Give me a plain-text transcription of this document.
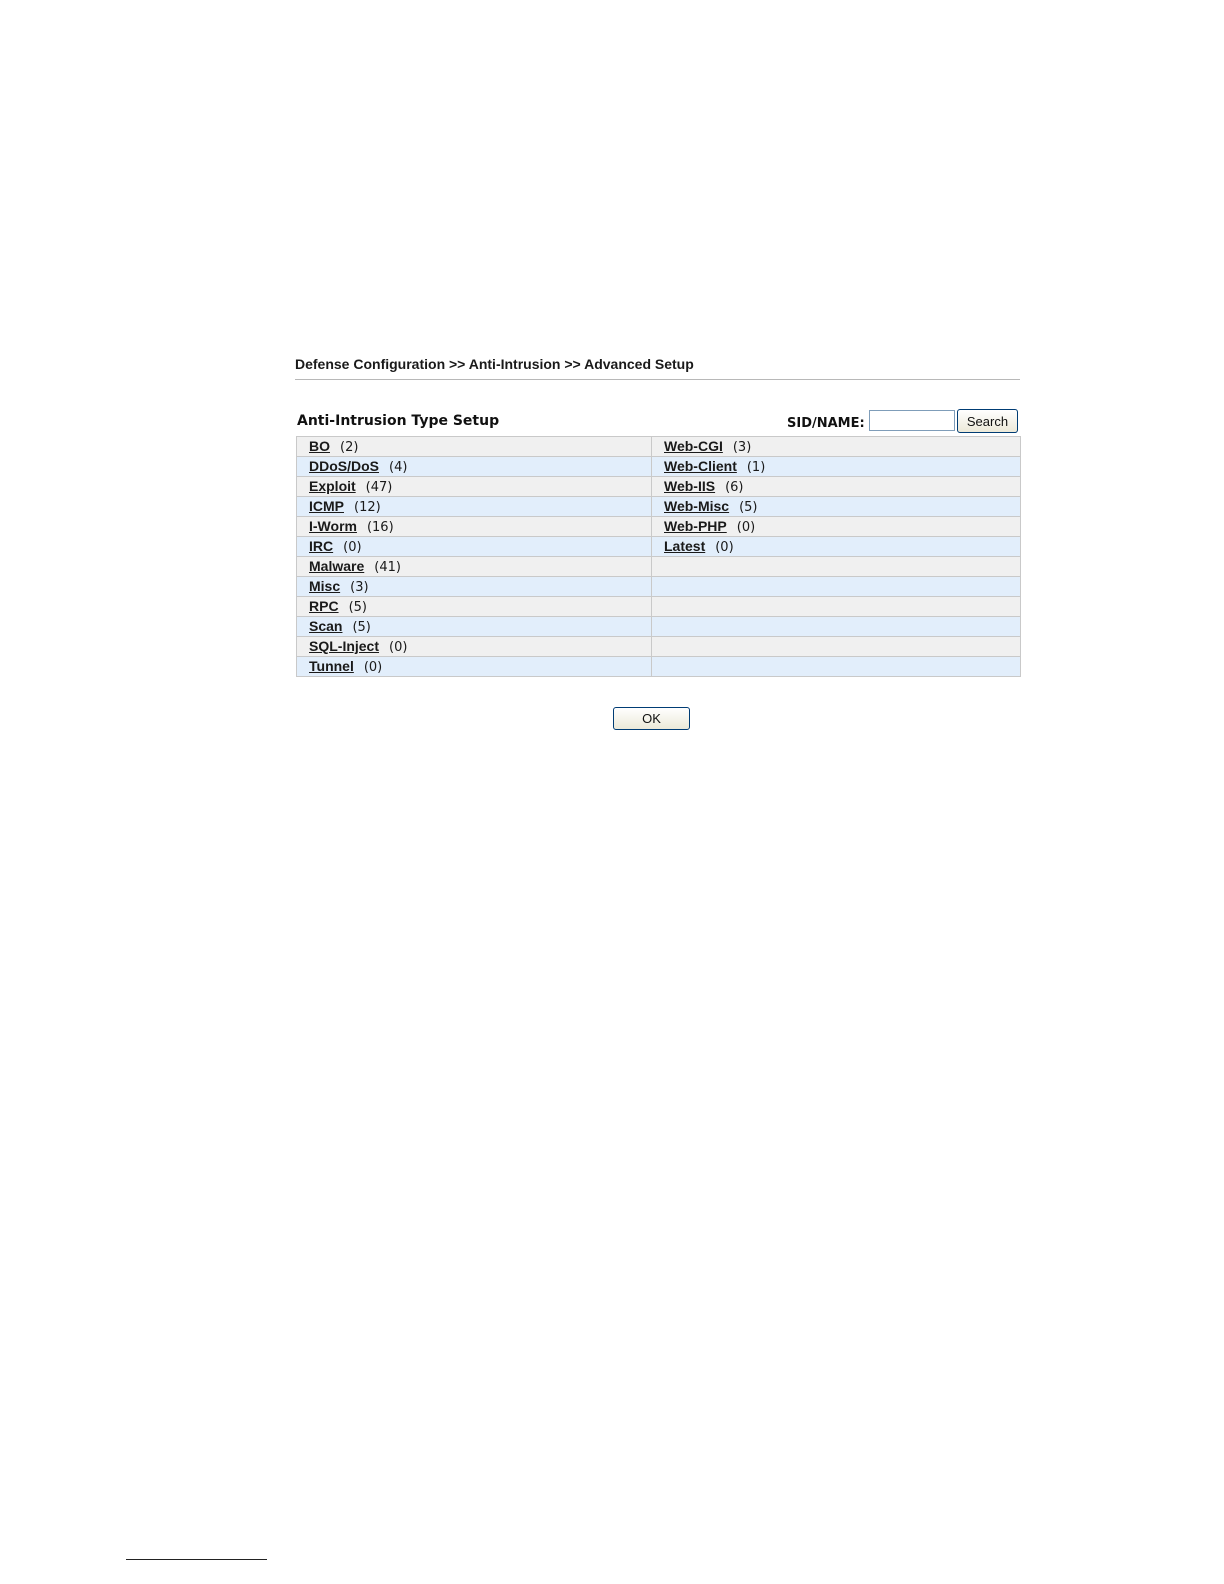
Defense Configuration >> Anti-Intrusion >> Advanced Setup
Anti-Intrusion Type Setup	SID/NAME:	Search
BO (2)	Web-CGI (3)
DDoS/DoS (4)	Web-Client (1)
Exploit (47)	Web-IIS (6)
ICMP (12)	Web-Misc (5)
I-Worm (16)	Web-PHP (0)
IRC (0)	Latest (0)
Malware (41)	
Misc (3)	
RPC (5)	
Scan (5)	
SQL-Inject (0)	
Tunnel (0)	
OK
